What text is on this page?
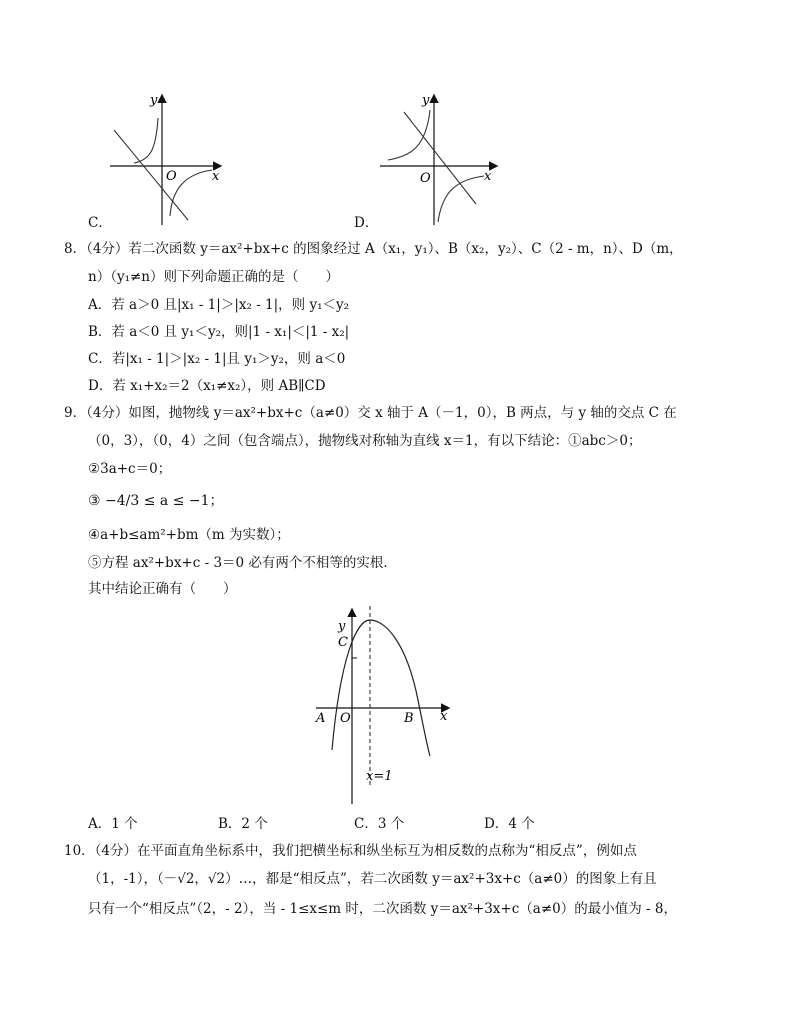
y
x
O
C．
y
x
O
D．
8．（4分）若二次函数 y＝ax²+bx+c 的图象经过 A（x₁，y₁）、B（x₂，y₂）、C（2 - m，n）、D（m，
n）（y₁≠n）则下列命题正确的是（　　）
A．若 a＞0 且|x₁ - 1|＞|x₂ - 1|，则 y₁＜y₂
B．若 a＜0 且 y₁＜y₂，则|1 - x₁|＜|1 - x₂|
C．若|x₁ - 1|＞|x₂ - 1|且 y₁＞y₂，则 a＜0
D．若 x₁+x₂＝2（x₁≠x₂），则 AB∥CD
9．（4分）如图，抛物线 y＝ax²+bx+c（a≠0）交 x 轴于 A（－1，0），B 两点，与 y 轴的交点 C 在
（0，3），（0，4）之间（包含端点），抛物线对称轴为直线 x＝1，有以下结论：①abc＞0；
②3a+c＝0；
③ −4/3 ≤ a ≤ −1；
④a+b≤am²+bm（m 为实数）；
⑤方程 ax²+bx+c - 3＝0 必有两个不相等的实根．
其中结论正确有（　　）
y
C
A O	B x
x=1
A．1 个	B．2 个	C．3 个	D．4 个
10．（4分）在平面直角坐标系中，我们把横坐标和纵坐标互为相反数的点称为“相反点”，例如点
（1，-1），（－√2，√2）…，都是“相反点”，若二次函数 y＝ax²+3x+c（a≠0）的图象上有且
只有一个“相反点”（2，- 2），当 - 1≤x≤m 时，二次函数 y＝ax²+3x+c（a≠0）的最小值为 - 8，
